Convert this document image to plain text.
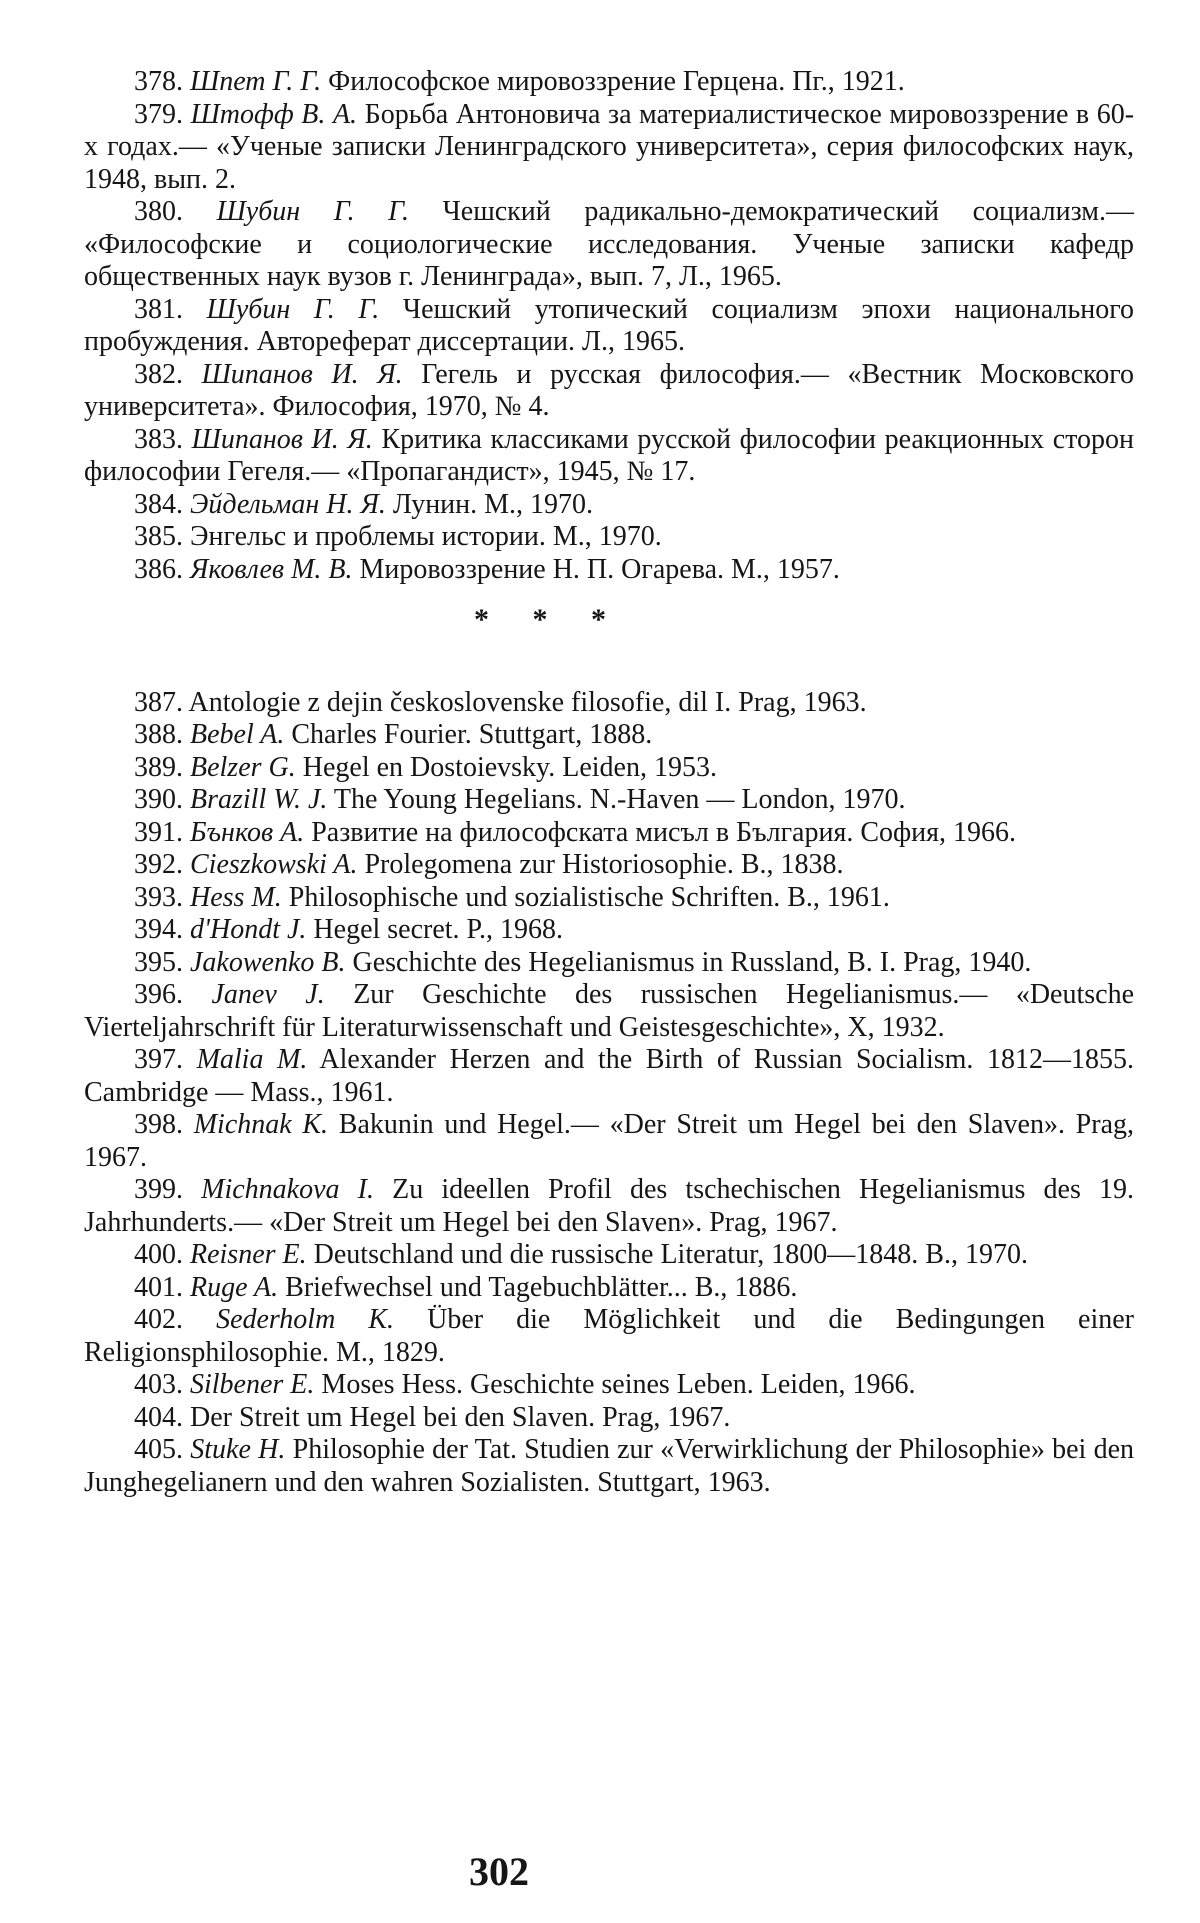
378. Шпет Г. Г. Философское мировоззрение Герцена. Пг., 1921.

379. Штофф В. А. Борьба Антоновича за материалистическое мировоззрение в 60-х годах.— «Ученые записки Ленинградского университета», серия философских наук, 1948, вып. 2.

380. Шубин Г. Г. Чешский радикально-демократический социализм.— «Философские и социологические исследования. Ученые записки кафедр общественных наук вузов г. Ленинграда», вып. 7, Л., 1965.

381. Шубин Г. Г. Чешский утопический социализм эпохи национального пробуждения. Автореферат диссертации. Л., 1965.

382. Шипанов И. Я. Гегель и русская философия.— «Вестник Московского университета». Философия, 1970, № 4.

383. Шипанов И. Я. Критика классиками русской философии реакционных сторон философии Гегеля.— «Пропагандист», 1945, № 17.

384. Эйдельман Н. Я. Лунин. М., 1970.

385. Энгельс и проблемы истории. М., 1970.

386. Яковлев М. В. Мировоззрение Н. П. Огарева. М., 1957.

* * *

387. Antologie z dejin československe filosofie, dil I. Prag, 1963.

388. Bebel A. Charles Fourier. Stuttgart, 1888.

389. Belzer G. Hegel en Dostoievsky. Leiden, 1953.

390. Brazill W. J. The Young Hegelians. N.-Haven — London, 1970.

391. Бънков А. Развитие на философската мисъл в България. София, 1966.

392. Cieszkowski A. Prolegomena zur Historiosophie. B., 1838.

393. Hess M. Philosophische und sozialistische Schriften. B., 1961.

394. d'Hondt J. Hegel secret. P., 1968.

395. Jakowenko B. Geschichte des Hegelianismus in Russland, B. I. Prag, 1940.

396. Janev J. Zur Geschichte des russischen Hegelianismus.— «Deutsche Vierteljahrschrift für Literaturwissenschaft und Geistesgeschichte», X, 1932.

397. Malia M. Alexander Herzen and the Birth of Russian Socialism. 1812—1855. Cambridge — Mass., 1961.

398. Michnak K. Bakunin und Hegel.— «Der Streit um Hegel bei den Slaven». Prag, 1967.

399. Michnakova I. Zu ideellen Profil des tschechischen Hegelianismus des 19. Jahrhunderts.— «Der Streit um Hegel bei den Slaven». Prag, 1967.

400. Reisner E. Deutschland und die russische Literatur, 1800—1848. B., 1970.

401. Ruge A. Briefwechsel und Tagebuchblätter... B., 1886.

402. Sederholm K. Über die Möglichkeit und die Bedingungen einer Religionsphilosophie. M., 1829.

403. Silbener E. Moses Hess. Geschichte seines Leben. Leiden, 1966.

404. Der Streit um Hegel bei den Slaven. Prag, 1967.

405. Stuke H. Philosophie der Tat. Studien zur «Verwirklichung der Philosophie» bei den Junghegelianern und den wahren Sozialisten. Stuttgart, 1963.

302
